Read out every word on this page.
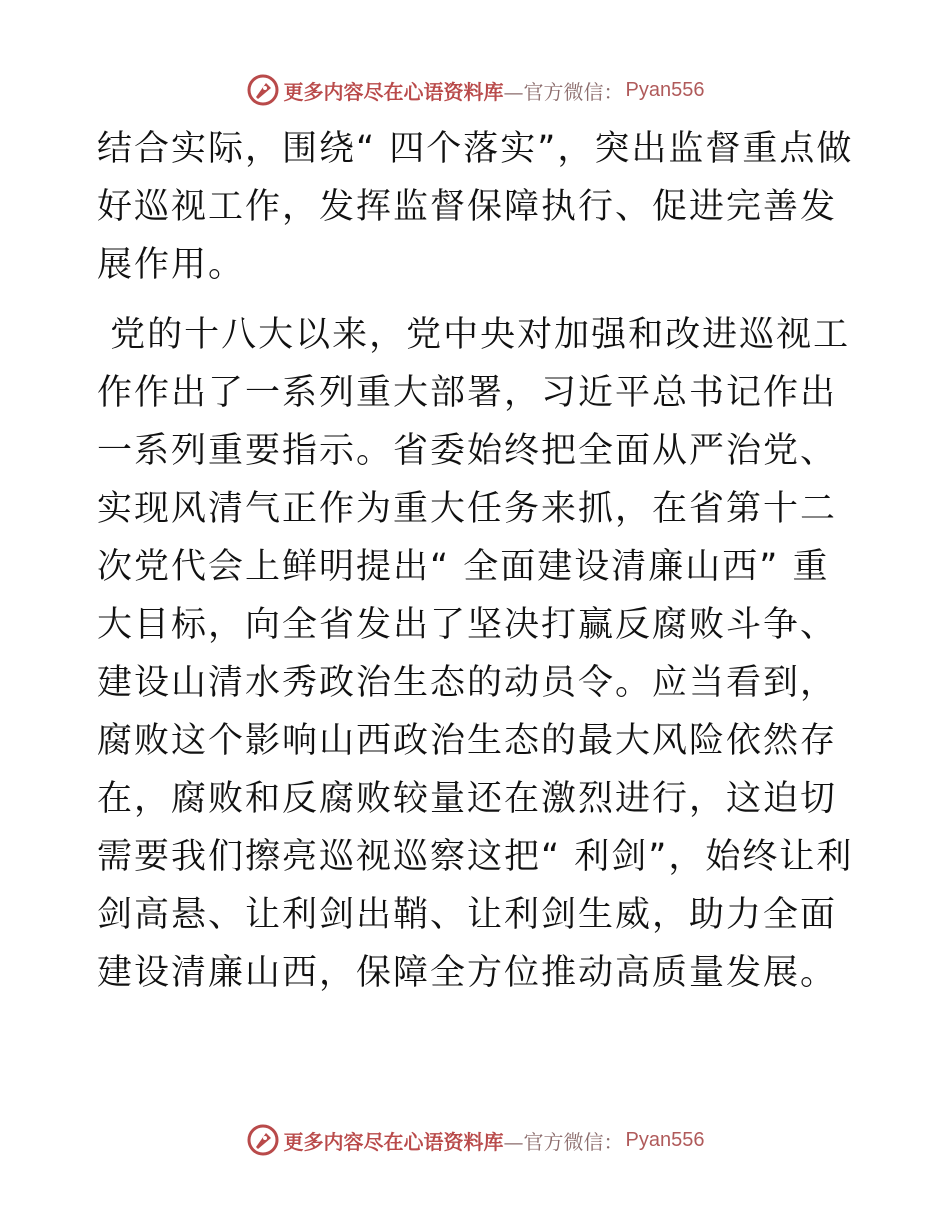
更多内容尽在心语资料库 —官方微信： Pyan556

结合实际，围绕“ 四个落实”，突出监督重点做好巡视工作，发挥监督保障执行、促进完善发展作用。

党的十八大以来，党中央对加强和改进巡视工作作出了一系列重大部署，习近平总书记作出一系列重要指示。省委始终把全面从严治党、实现风清气正作为重大任务来抓，在省第十二次党代会上鲜明提出“ 全面建设清廉山西” 重大目标，向全省发出了坚决打赢反腐败斗争、建设山清水秀政治生态的动员令。应当看到，腐败这个影响山西政治生态的最大风险依然存在，腐败和反腐败较量还在激烈进行，这迫切需要我们擦亮巡视巡察这把“ 利剑”，始终让利剑高悬、让利剑出鞘、让利剑生威，助力全面建设清廉山西，保障全方位推动高质量发展。

更多内容尽在心语资料库 —官方微信： Pyan556
